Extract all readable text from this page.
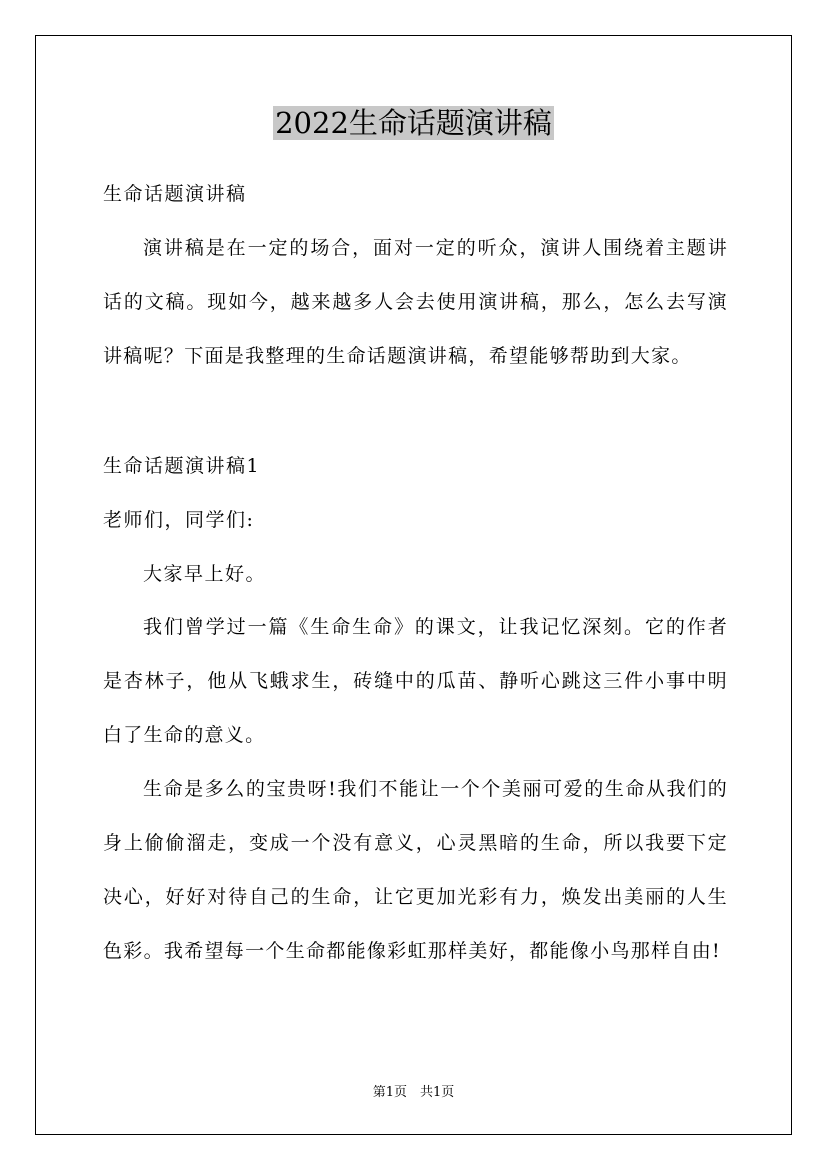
2022生命话题演讲稿

生命话题演讲稿

演讲稿是在一定的场合，面对一定的听众，演讲人围绕着主题讲话的文稿。现如今，越来越多人会去使用演讲稿，那么，怎么去写演讲稿呢？下面是我整理的生命话题演讲稿，希望能够帮助到大家。

生命话题演讲稿1

老师们，同学们:

大家早上好。

我们曾学过一篇《生命生命》的课文，让我记忆深刻。它的作者是杏林子，他从飞蛾求生，砖缝中的瓜苗、静听心跳这三件小事中明白了生命的意义。

生命是多么的宝贵呀!我们不能让一个个美丽可爱的生命从我们的身上偷偷溜走，变成一个没有意义，心灵黑暗的生命，所以我要下定决心，好好对待自己的生命，让它更加光彩有力，焕发出美丽的人生色彩。我希望每一个生命都能像彩虹那样美好，都能像小鸟那样自由!

第1页　共1页
